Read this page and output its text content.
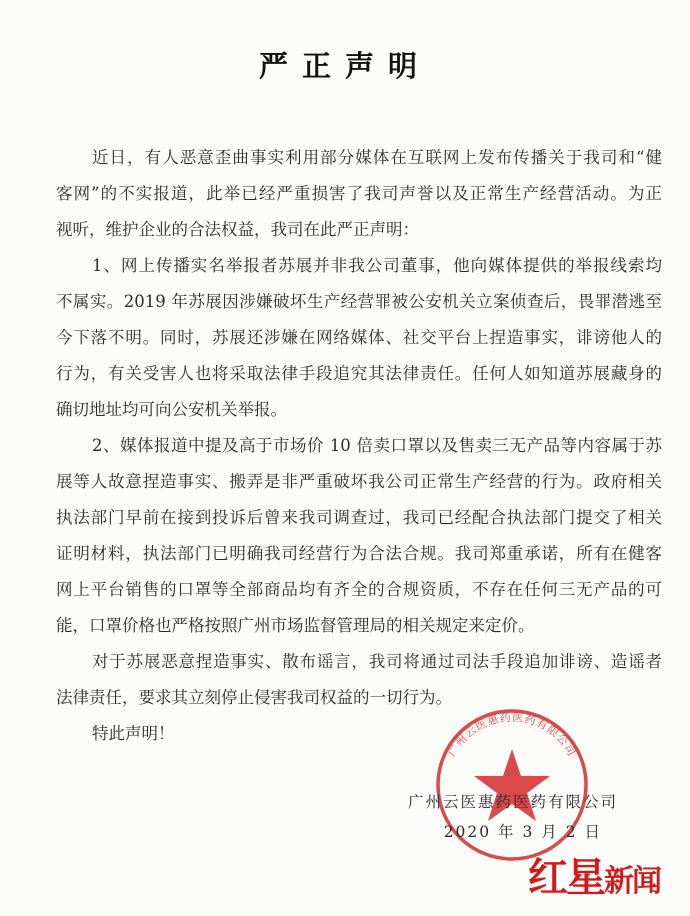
严正声明
近日，有人恶意歪曲事实利用部分媒体在互联网上发布传播关于我司和“健
客网”的不实报道，此举已经严重损害了我司声誉以及正常生产经营活动。为正
视听，维护企业的合法权益，我司在此严正声明：
1、网上传播实名举报者苏展并非我公司董事，他向媒体提供的举报线索均
不属实。2019 年苏展因涉嫌破坏生产经营罪被公安机关立案侦查后，畏罪潜逃至
今下落不明。同时，苏展还涉嫌在网络媒体、社交平台上捏造事实，诽谤他人的
行为，有关受害人也将采取法律手段追究其法律责任。任何人如知道苏展藏身的
确切地址均可向公安机关举报。
2、媒体报道中提及高于市场价 10 倍卖口罩以及售卖三无产品等内容属于苏
展等人故意捏造事实、搬弄是非严重破坏我公司正常生产经营的行为。政府相关
执法部门早前在接到投诉后曾来我司调查过，我司已经配合执法部门提交了相关
证明材料，执法部门已明确我司经营行为合法合规。我司郑重承诺，所有在健客
网上平台销售的口罩等全部商品均有齐全的合规资质，不存在任何三无产品的可
能，口罩价格也严格按照广州市场监督管理局的相关规定来定价。
对于苏展恶意捏造事实、散布谣言，我司将通过司法手段追加诽谤、造谣者
法律责任，要求其立刻停止侵害我司权益的一切行为。
特此声明！
广州云医惠药医药有限公司
广州云医惠药医药有限公司
2020 年 3 月 2 日
红星新闻
